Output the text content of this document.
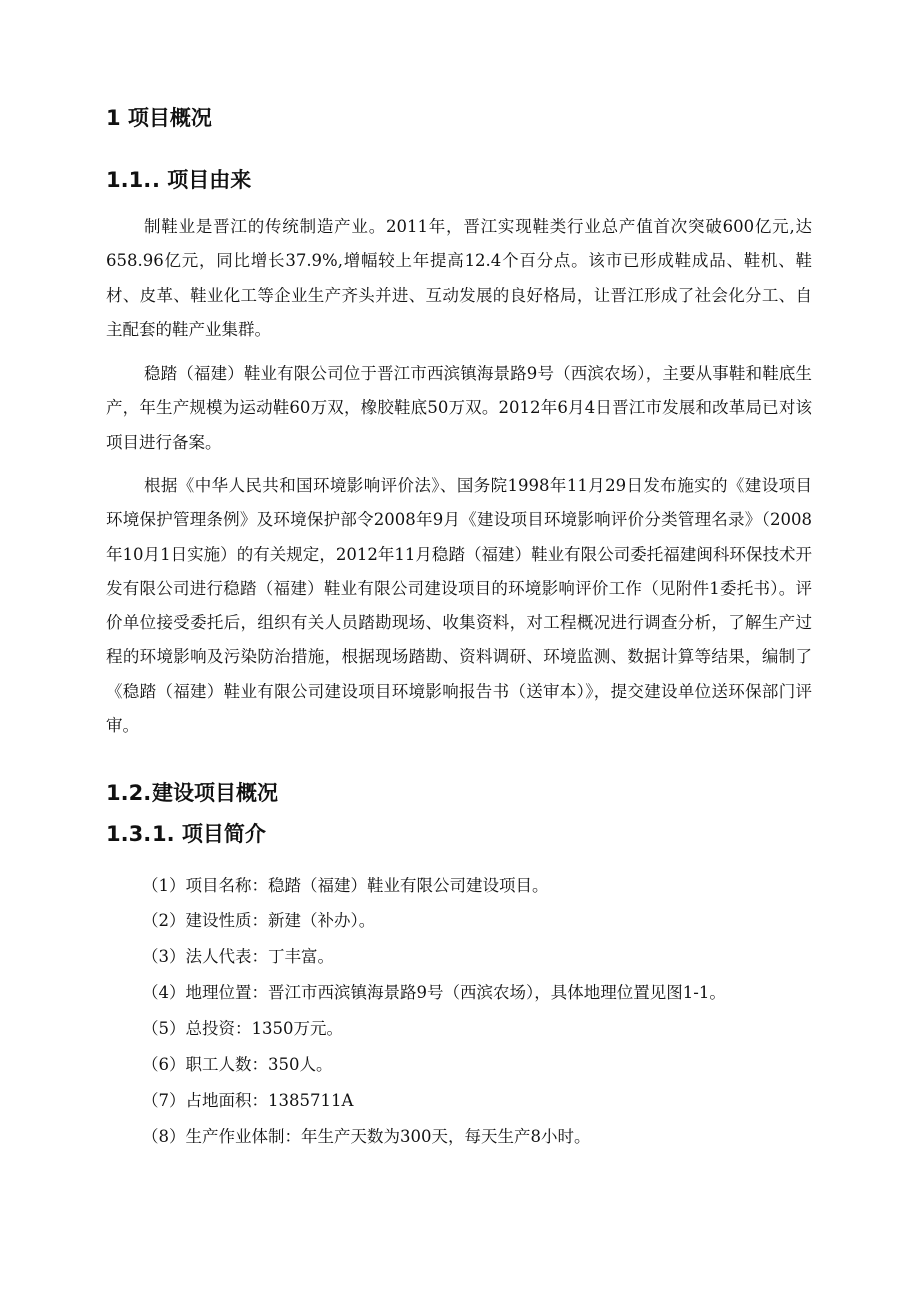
1 项目概况
1.1.. 项目由来

制鞋业是晋江的传统制造产业。2011年，晋江实现鞋类行业总产值首次突破600亿元,达658.96亿元，同比增长37.9%,增幅较上年提高12.4个百分点。该市已形成鞋成品、鞋机、鞋材、皮革、鞋业化工等企业生产齐头并进、互动发展的良好格局，让晋江形成了社会化分工、自主配套的鞋产业集群。

稳踏（福建）鞋业有限公司位于晋江市西滨镇海景路9号（西滨农场），主要从事鞋和鞋底生产，年生产规模为运动鞋60万双，橡胶鞋底50万双。2012年6月4日晋江市发展和改革局已对该项目进行备案。

根据《中华人民共和国环境影响评价法》、国务院1998年11月29日发布施实的《建设项目环境保护管理条例》及环境保护部令2008年9月《建设项目环境影响评价分类管理名录》（2008年10月1日实施）的有关规定，2012年11月稳踏（福建）鞋业有限公司委托福建闽科环保技术开发有限公司进行稳踏（福建）鞋业有限公司建设项目的环境影响评价工作（见附件1委托书）。评价单位接受委托后，组织有关人员踏勘现场、收集资料，对工程概况进行调查分析，了解生产过程的环境影响及污染防治措施，根据现场踏勘、资料调研、环境监测、数据计算等结果，编制了《稳踏（福建）鞋业有限公司建设项目环境影响报告书（送审本）》，提交建设单位送环保部门评审。

1.2.建设项目概况
1.3.1. 项目简介
（1）项目名称：稳踏（福建）鞋业有限公司建设项目。
（2）建设性质：新建（补办）。
（3）法人代表：丁丰富。
（4）地理位置：晋江市西滨镇海景路9号（西滨农场），具体地理位置见图1-1。
（5）总投资：1350万元。
（6）职工人数：350人。
（7）占地面积：1385711A
（8）生产作业体制：年生产天数为300天，每天生产8小时。
